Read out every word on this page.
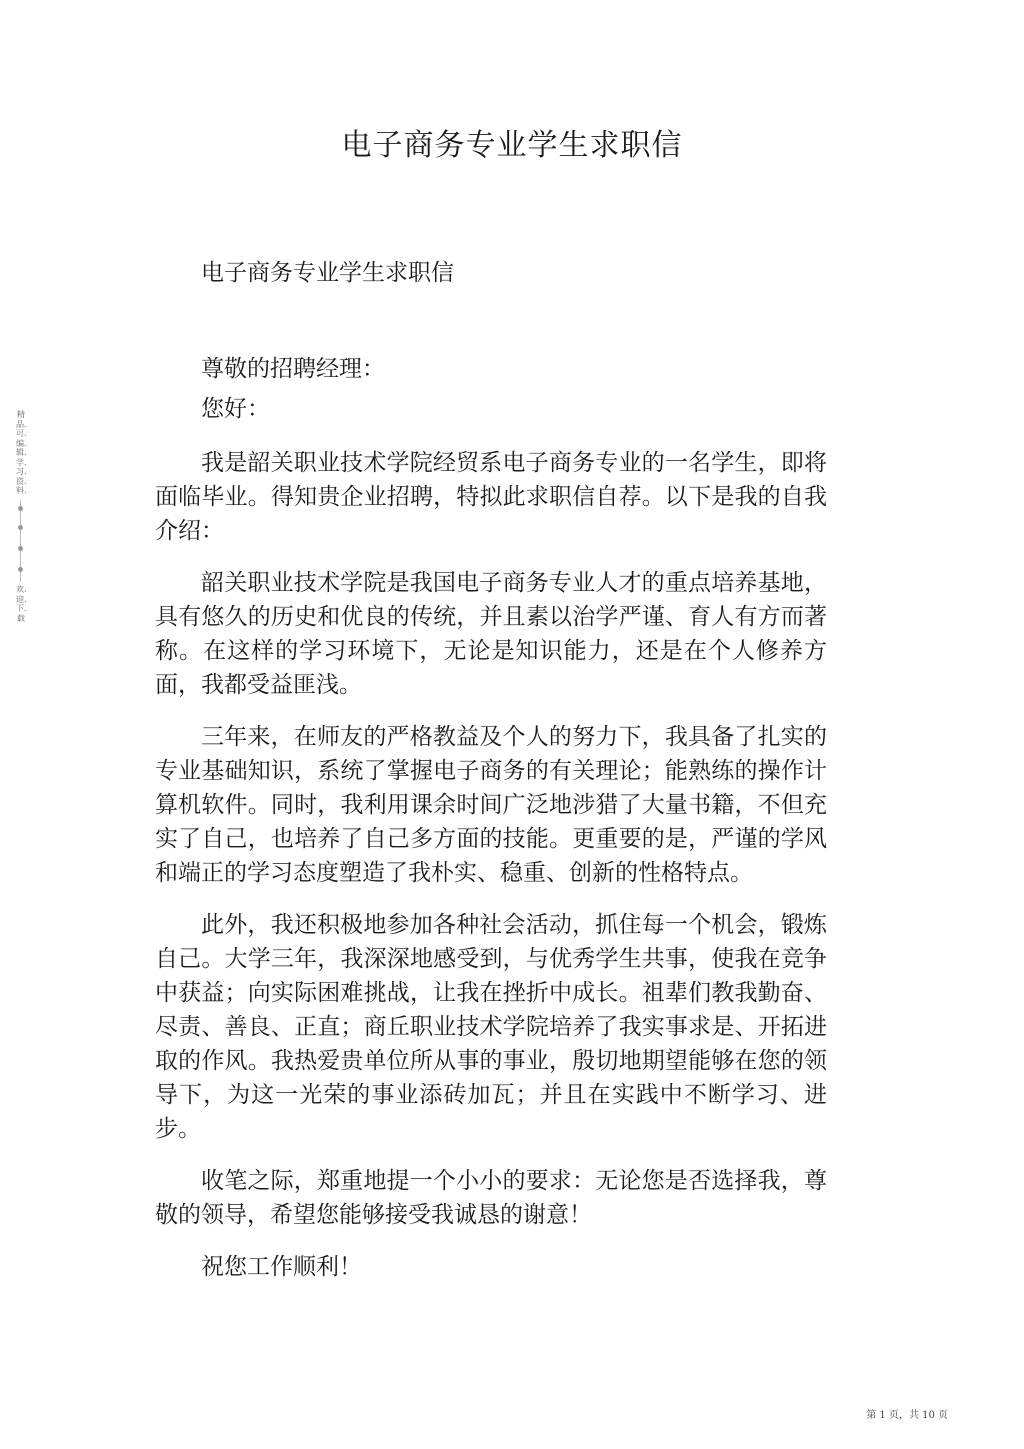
电子商务专业学生求职信
精品.可.编.辑.学.习.资.料.
欢.迎.下.载

电子商务专业学生求职信

尊敬的招聘经理：

您好：

我是韶关职业技术学院经贸系电子商务专业的一名学生，即将面临毕业。得知贵企业招聘，特拟此求职信自荐。以下是我的自我介绍：

韶关职业技术学院是我国电子商务专业人才的重点培养基地，具有悠久的历史和优良的传统，并且素以治学严谨、育人有方而著称。在这样的学习环境下，无论是知识能力，还是在个人修养方面，我都受益匪浅。

三年来，在师友的严格教益及个人的努力下，我具备了扎实的专业基础知识，系统了掌握电子商务的有关理论；能熟练的操作计算机软件。同时，我利用课余时间广泛地涉猎了大量书籍，不但充实了自己，也培养了自己多方面的技能。更重要的是，严谨的学风和端正的学习态度塑造了我朴实、稳重、创新的性格特点。

此外，我还积极地参加各种社会活动，抓住每一个机会，锻炼自己。大学三年，我深深地感受到，与优秀学生共事，使我在竞争中获益；向实际困难挑战，让我在挫折中成长。祖辈们教我勤奋、尽责、善良、正直；商丘职业技术学院培养了我实事求是、开拓进取的作风。我热爱贵单位所从事的事业，殷切地期望能够在您的领导下，为这一光荣的事业添砖加瓦；并且在实践中不断学习、进步。

收笔之际，郑重地提一个小小的要求：无论您是否选择我，尊敬的领导，希望您能够接受我诚恳的谢意！

祝您工作顺利！

第 1 页，共 10 页
